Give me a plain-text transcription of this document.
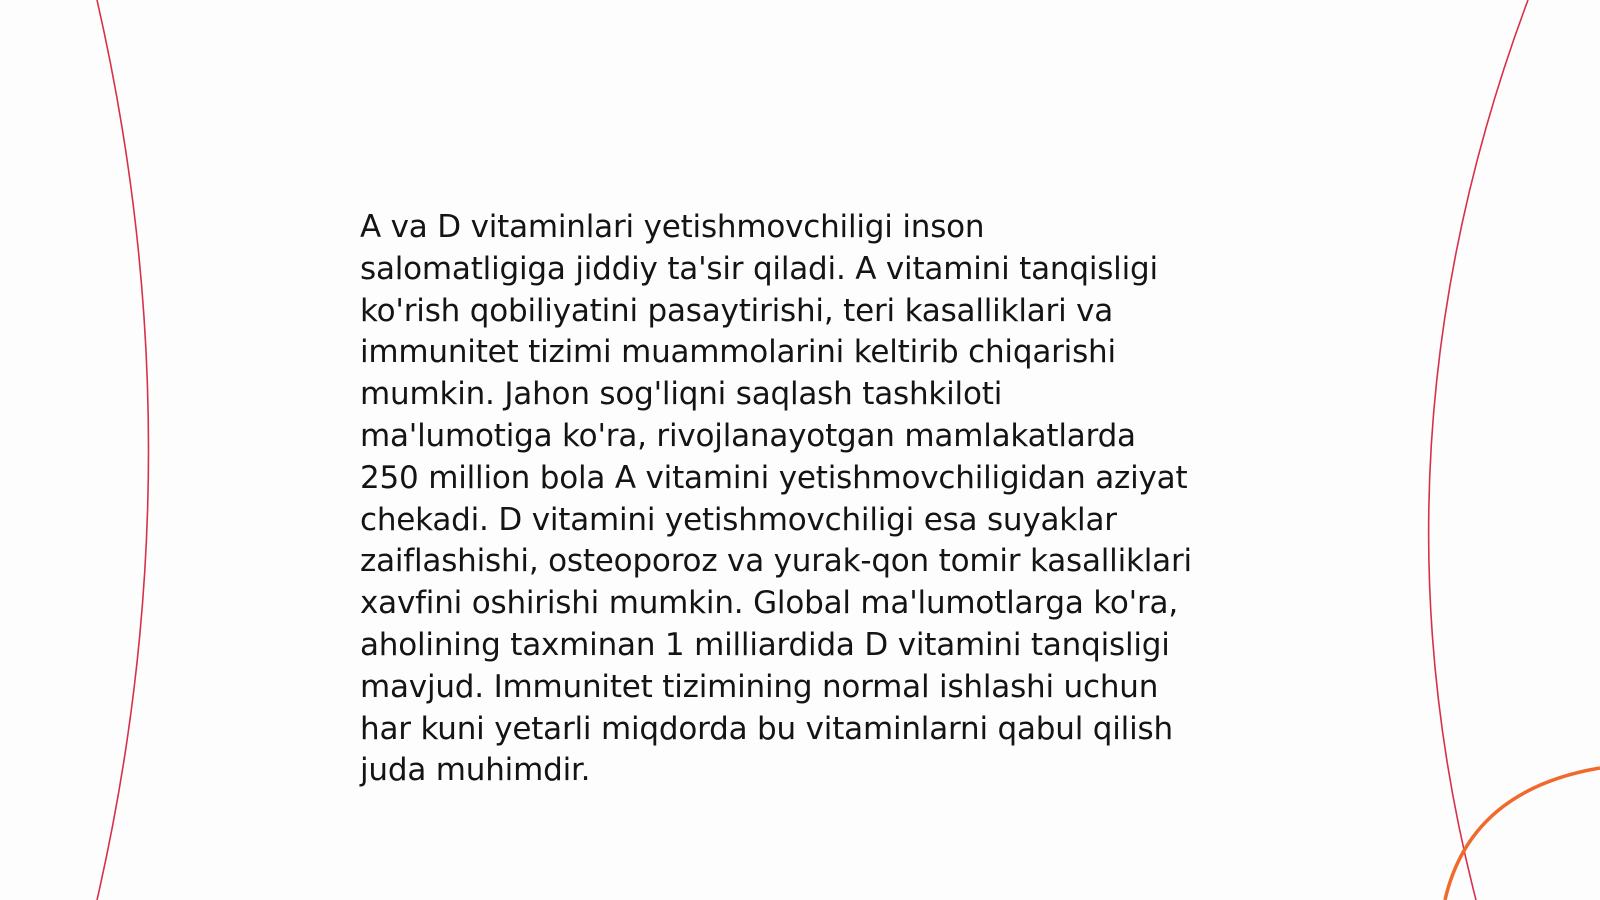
A va D vitaminlari yetishmovchiligi inson
salomatligiga jiddiy ta'sir qiladi. A vitamini tanqisligi
ko'rish qobiliyatini pasaytirishi, teri kasalliklari va
immunitet tizimi muammolarini keltirib chiqarishi
mumkin. Jahon sog'liqni saqlash tashkiloti
ma'lumotiga ko'ra, rivojlanayotgan mamlakatlarda
250 million bola A vitamini yetishmovchiligidan aziyat
chekadi. D vitamini yetishmovchiligi esa suyaklar
zaiflashishi, osteoporoz va yurak-qon tomir kasalliklari
xavfini oshirishi mumkin. Global ma'lumotlarga ko'ra,
aholining taxminan 1 milliardida D vitamini tanqisligi
mavjud. Immunitet tizimining normal ishlashi uchun
har kuni yetarli miqdorda bu vitaminlarni qabul qilish
juda muhimdir.
